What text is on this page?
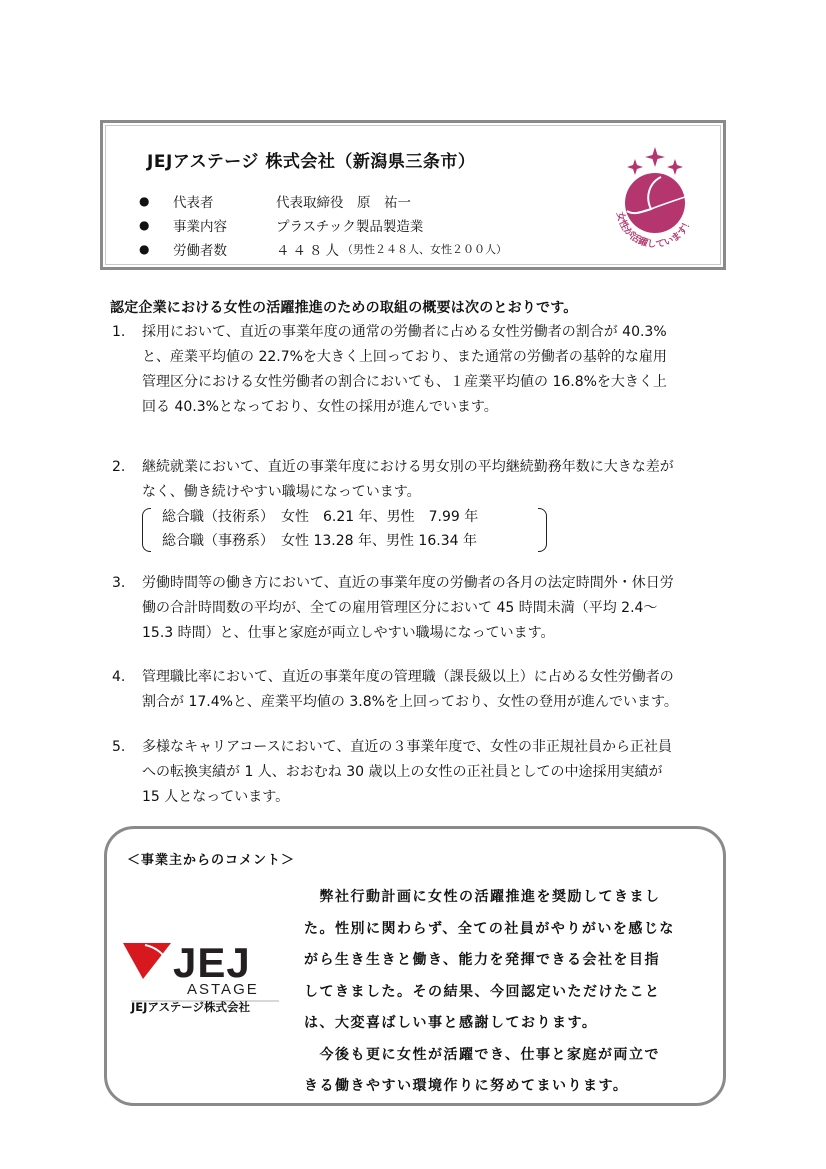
JEJアステージ 株式会社（新潟県三条市）
●	代表者	代表取締役　原　祐一
●	事業内容	プラスチック製品製造業
●	労働者数	４４８人 （男性２４８人、女性２００人）
女性が活躍しています！
認定企業における女性の活躍推進のための取組の概要は次のとおりです。
1.	採用において、直近の事業年度の通常の労働者に占める女性労働者の割合が 40.3%
と、産業平均値の 22.7%を大きく上回っており、また通常の労働者の基幹的な雇用
管理区分における女性労働者の割合においても、１産業平均値の 16.8%を大きく上
回る 40.3%となっており、女性の採用が進んでいます。
2.	継続就業において、直近の事業年度における男女別の平均継続勤務年数に大きな差が
なく、働き続けやすい職場になっています。
総合職（技術系）　女性　6.21 年、男性　7.99 年
総合職（事務系）　女性 13.28 年、男性 16.34 年
3.	労働時間等の働き方において、直近の事業年度の労働者の各月の法定時間外・休日労
働の合計時間数の平均が、全ての雇用管理区分において 45 時間未満（平均 2.4～
15.3 時間）と、仕事と家庭が両立しやすい職場になっています。
4.	管理職比率において、直近の事業年度の管理職（課長級以上）に占める女性労働者の
割合が 17.4%と、産業平均値の 3.8%を上回っており、女性の登用が進んでいます。
5.	多様なキャリアコースにおいて、直近の３事業年度で、女性の非正規社員から正社員
への転換実績が 1 人、おおむね 30 歳以上の女性の正社員としての中途採用実績が
15 人となっています。
＜事業主からのコメント＞
JEJ
ASTAGE
JEJアステージ株式会社
　弊社行動計画に女性の活躍推進を奨励してきまし
た。性別に関わらず、全ての社員がやりがいを感じな
がら生き生きと働き、能力を発揮できる会社を目指
してきました。その結果、今回認定いただけたこと
は、大変喜ばしい事と感謝しております。
　今後も更に女性が活躍でき、仕事と家庭が両立で
きる働きやすい環境作りに努めてまいります。
